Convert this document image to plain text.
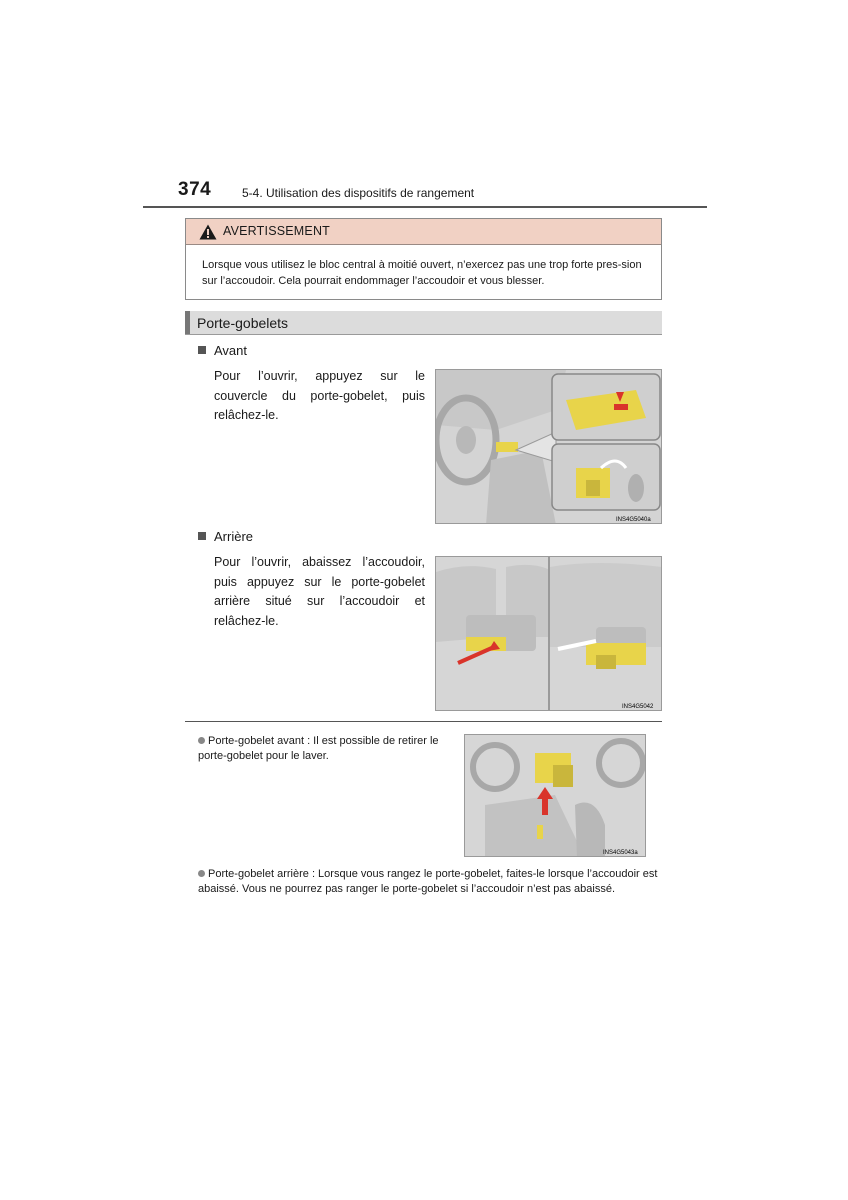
374	5-4. Utilisation des dispositifs de rangement
AVERTISSEMENT
Lorsque vous utilisez le bloc central à moitié ouvert, n’exercez pas une trop forte pres-sion sur l’accoudoir. Cela pourrait endommager l’accoudoir et vous blesser.
Porte-gobelets
Avant
Pour l’ouvrir, appuyez sur le couvercle du porte-gobelet, puis relâchez-le.
INS4G5040a
Arrière
Pour l’ouvrir, abaissez l’accoudoir, puis appuyez sur le porte-gobelet arrière situé sur l’accoudoir et relâchez-le.
INS4G5042
Porte-gobelet avant : Il est possible de retirer le porte-gobelet pour le laver.
INS4G5043a
Porte-gobelet arrière : Lorsque vous rangez le porte-gobelet, faites-le lorsque l’accoudoir est abaissé. Vous ne pourrez pas ranger le porte-gobelet si l’accoudoir n’est pas abaissé.
